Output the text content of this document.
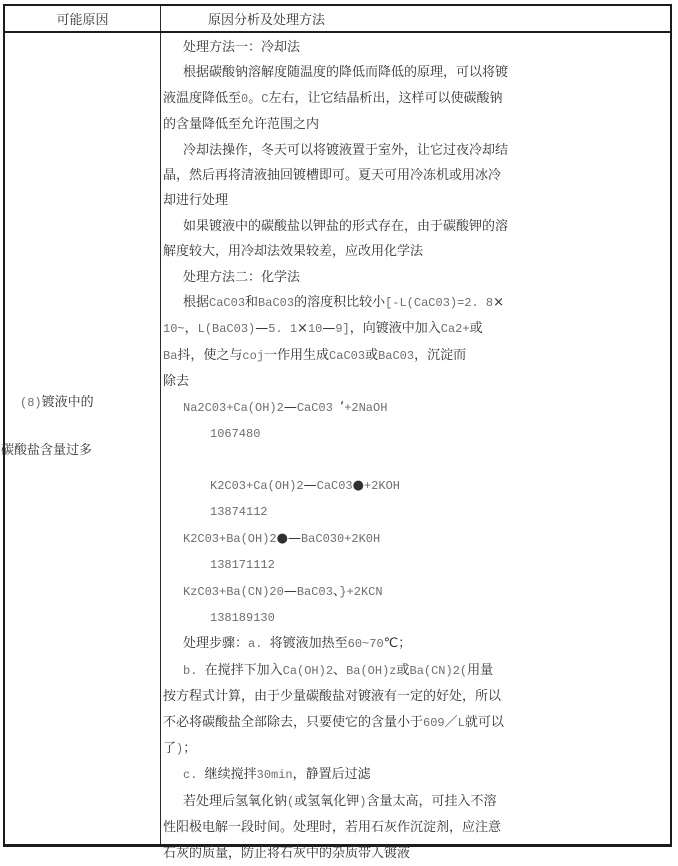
可能原因	原因分析及处理方法
(8)镀液中的
碳酸盐含量过多
处理方法一：冷却法
根据碳酸钠溶解度随温度的降低而降低的原理，可以将镀
液温度降低至0。C左右，让它结晶析出，这样可以使碳酸钠
的含量降低至允许范围之内
冷却法操作，冬天可以将镀液置于室外，让它过夜冷却结
晶，然后再将清液抽回镀槽即可。夏天可用冷冻机或用冰冷
却进行处理
如果镀液中的碳酸盐以钾盐的形式存在，由于碳酸钾的溶
解度较大，用冷却法效果较差，应改用化学法
处理方法二：化学法
根据CaC03和BaC03的溶度积比较小[-L(CaC03)=2. 8×
10~，L(BaC03)—5. 1×10—9]，向镀液中加入Ca2+或
Ba抖，使之与coj一作用生成CaC03或BaC03，沉淀而
除去
Na2C03+Ca(OH)2—CaC03 ‘+2NaOH
1067480
K2C03+Ca(OH)2—CaC03●+2KOH
13874112
K2C03+Ba(OH)2●—BaC030+2K0H
138171112
KzC03+Ba(CN)20—BaC03、}+2KCN
138189130
处理步骤：a. 将镀液加热至60~70℃；
b. 在搅拌下加入Ca(OH)2、Ba(OH)z或Ba(CN)2(用量
按方程式计算，由于少量碳酸盐对镀液有一定的好处，所以
不必将碳酸盐全部除去，只要使它的含量小于609／L就可以
了)；
c. 继续搅拌30min，静置后过滤
若处理后氢氧化钠(或氢氧化钾)含量太高，可挂入不溶
性阳极电解一段时间。处理时，若用石灰作沉淀剂，应注意
石灰的质量，防止将石灰中的杂质带人镀液
